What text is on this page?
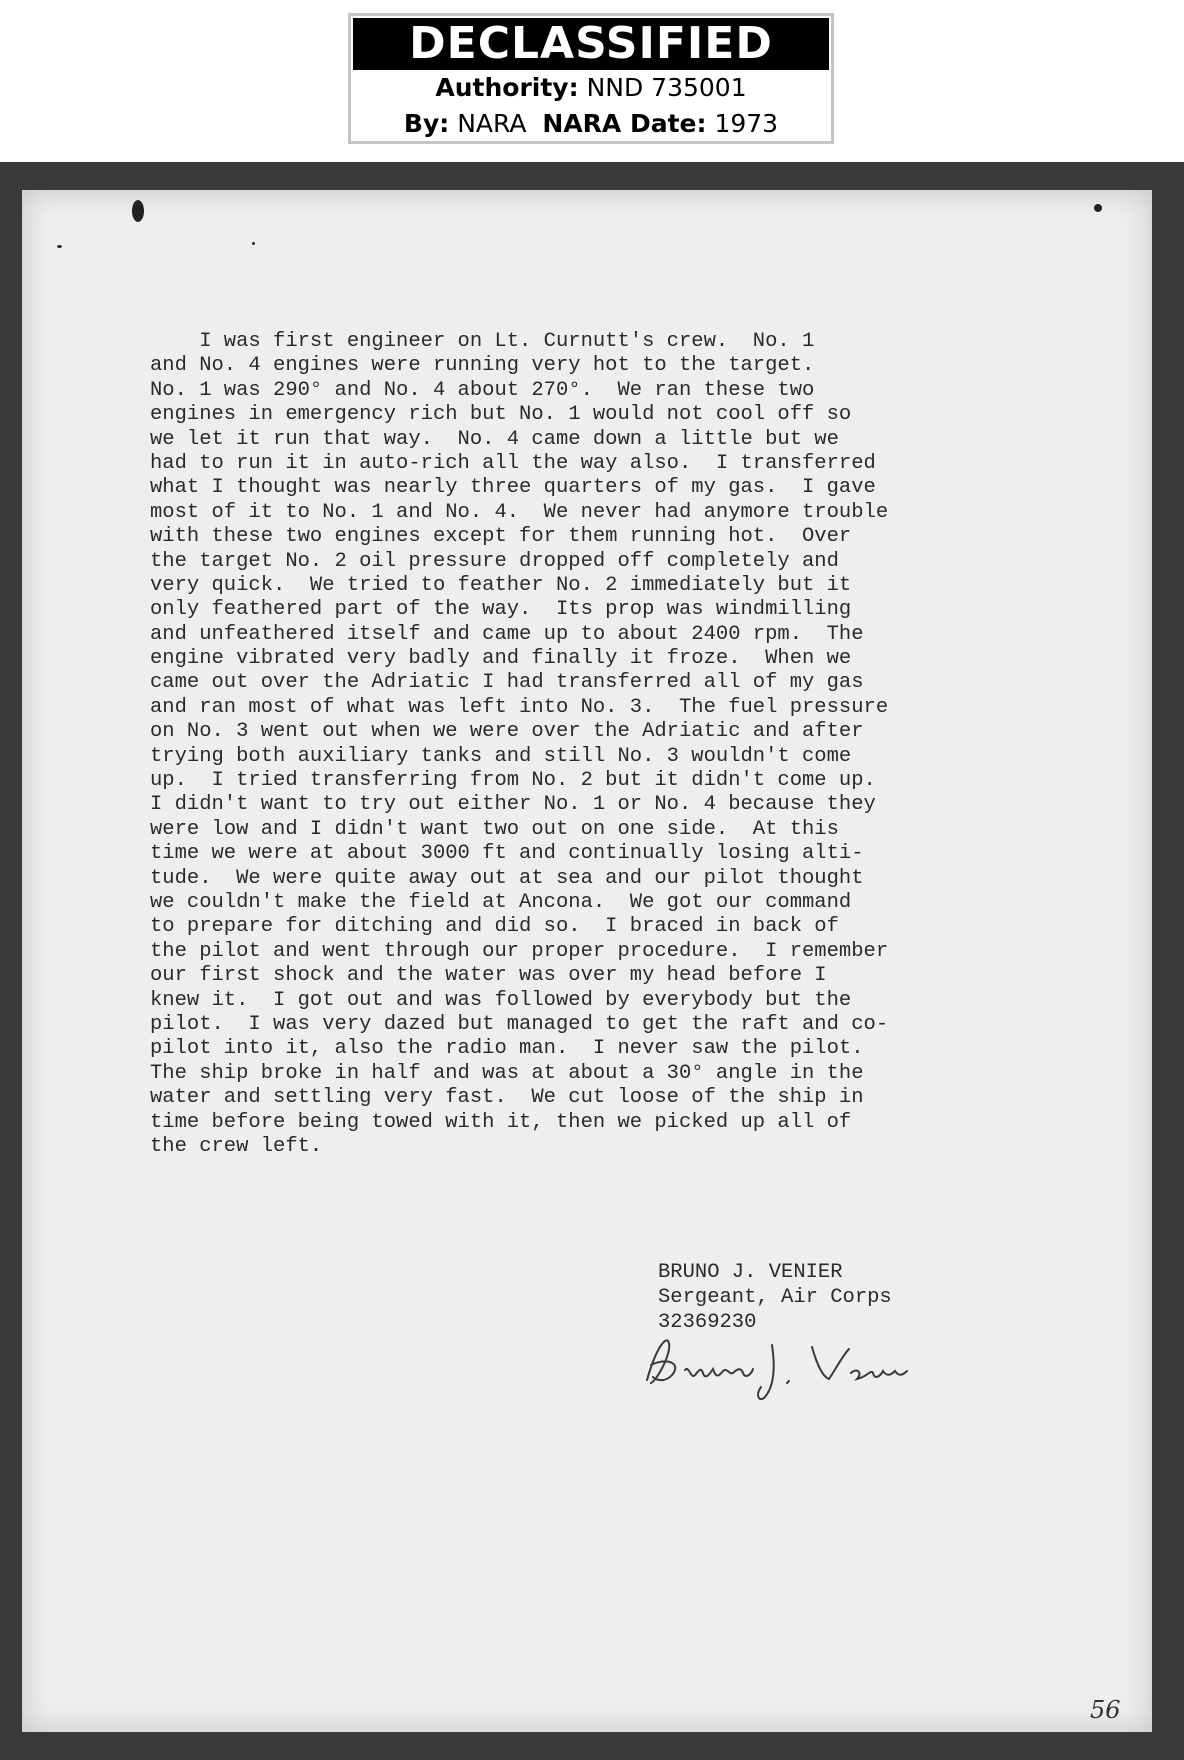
DECLASSIFIED
Authority: NND 735001
By: NARA NARA Date: 1973
I was first engineer on Lt. Curnutt's crew.  No. 1
and No. 4 engines were running very hot to the target.
No. 1 was 290° and No. 4 about 270°.  We ran these two
engines in emergency rich but No. 1 would not cool off so
we let it run that way.  No. 4 came down a little but we
had to run it in auto-rich all the way also.  I transferred
what I thought was nearly three quarters of my gas.  I gave
most of it to No. 1 and No. 4.  We never had anymore trouble
with these two engines except for them running hot.  Over
the target No. 2 oil pressure dropped off completely and
very quick.  We tried to feather No. 2 immediately but it
only feathered part of the way.  Its prop was windmilling
and unfeathered itself and came up to about 2400 rpm.  The
engine vibrated very badly and finally it froze.  When we
came out over the Adriatic I had transferred all of my gas
and ran most of what was left into No. 3.  The fuel pressure
on No. 3 went out when we were over the Adriatic and after
trying both auxiliary tanks and still No. 3 wouldn't come
up.  I tried transferring from No. 2 but it didn't come up.
I didn't want to try out either No. 1 or No. 4 because they
were low and I didn't want two out on one side.  At this
time we were at about 3000 ft and continually losing alti-
tude.  We were quite away out at sea and our pilot thought
we couldn't make the field at Ancona.  We got our command
to prepare for ditching and did so.  I braced in back of
the pilot and went through our proper procedure.  I remember
our first shock and the water was over my head before I
knew it.  I got out and was followed by everybody but the
pilot.  I was very dazed but managed to get the raft and co-
pilot into it, also the radio man.  I never saw the pilot.
The ship broke in half and was at about a 30° angle in the
water and settling very fast.  We cut loose of the ship in
time before being towed with it, then we picked up all of
the crew left.
BRUNO J. VENIER
Sergeant, Air Corps
32369230
56
